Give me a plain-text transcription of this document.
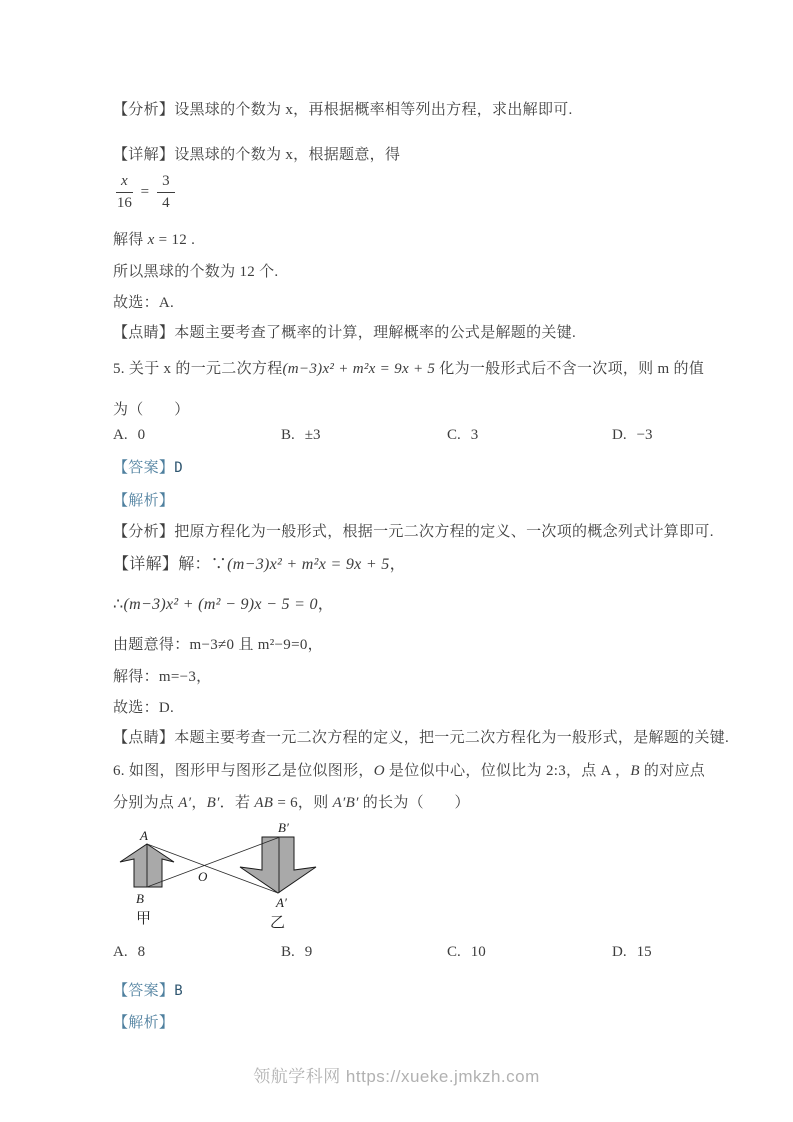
【分析】设黑球的个数为 x，再根据概率相等列出方程，求出解即可.
【详解】设黑球的个数为 x，根据题意，得
$\frac{x}{16} = \frac{3}{4}$
解得 x = 12 .
所以黑球的个数为 12 个.
故选：A.
【点睛】本题主要考查了概率的计算，理解概率的公式是解题的关键.
5. 关于 x 的一元二次方程(m−3)x² + m²x = 9x + 5 化为一般形式后不含一次项，则 m 的值
为（　　）
A. 0	B. ±3	C. 3	D. −3
【答案】D
【解析】
【分析】把原方程化为一般形式，根据一元二次方程的定义、一次项的概念列式计算即可.
【详解】解：∵(m−3)x² + m²x = 9x + 5，
∴(m−3)x² + (m² − 9)x − 5 = 0，
由题意得：m−3≠0 且 m²−9=0，
解得：m=−3，
故选：D.
【点睛】本题主要考查一元二次方程的定义，把一元二次方程化为一般形式，是解题的关键.
6. 如图，图形甲与图形乙是位似图形，O 是位似中心，位似比为 2:3，点 A ，B 的对应点
分别为点 A′，B′．若 AB = 6，则 A′B′ 的长为（　　）
A
B
甲
O
B′
A′
乙
A. 8	B. 9	C. 10	D. 15
【答案】B
【解析】
领航学科网 https://xueke.jmkzh.com
